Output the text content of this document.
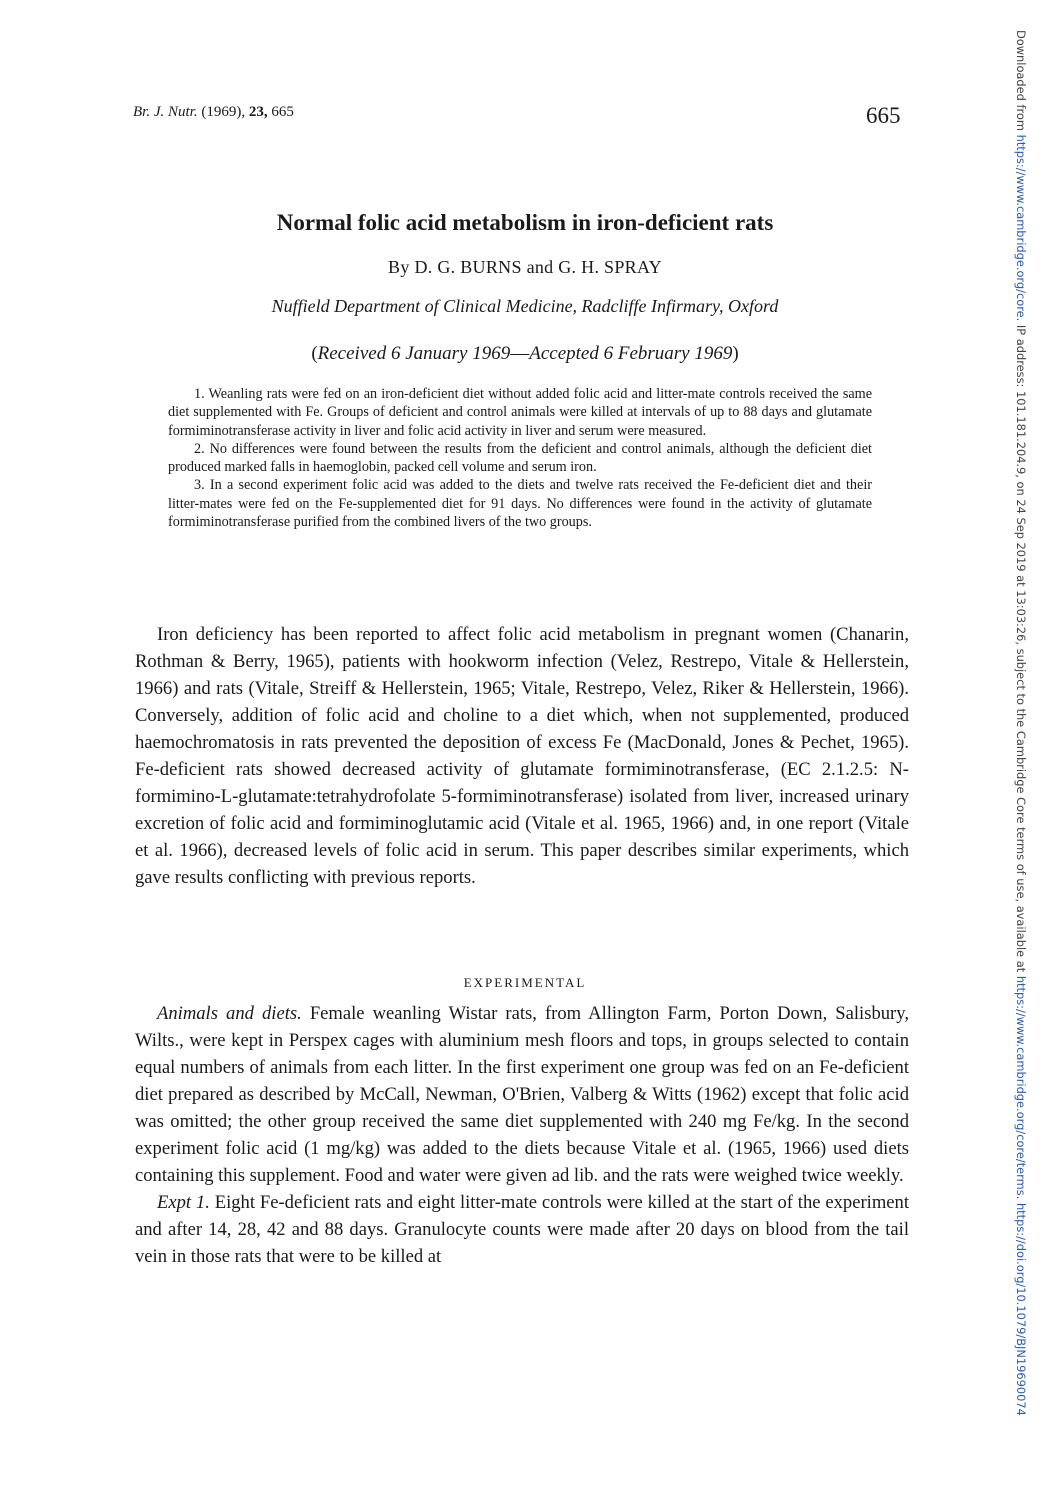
Br. J. Nutr. (1969), 23, 665	665
Normal folic acid metabolism in iron-deficient rats
By D. G. BURNS and G. H. SPRAY
Nuffield Department of Clinical Medicine, Radcliffe Infirmary, Oxford
(Received 6 January 1969—Accepted 6 February 1969)

1. Weanling rats were fed on an iron-deficient diet without added folic acid and litter-mate controls received the same diet supplemented with Fe. Groups of deficient and control animals were killed at intervals of up to 88 days and glutamate formiminotransferase activity in liver and folic acid activity in liver and serum were measured.

2. No differences were found between the results from the deficient and control animals, although the deficient diet produced marked falls in haemoglobin, packed cell volume and serum iron.

3. In a second experiment folic acid was added to the diets and twelve rats received the Fe-deficient diet and their litter-mates were fed on the Fe-supplemented diet for 91 days. No differences were found in the activity of glutamate formiminotransferase purified from the combined livers of the two groups.

Iron deficiency has been reported to affect folic acid metabolism in pregnant women (Chanarin, Rothman & Berry, 1965), patients with hookworm infection (Velez, Restrepo, Vitale & Hellerstein, 1966) and rats (Vitale, Streiff & Hellerstein, 1965; Vitale, Restrepo, Velez, Riker & Hellerstein, 1966). Conversely, addition of folic acid and choline to a diet which, when not supplemented, produced haemochromatosis in rats prevented the deposition of excess Fe (MacDonald, Jones & Pechet, 1965). Fe-deficient rats showed decreased activity of glutamate formiminotransferase, (EC 2.1.2.5: N-formimino-L-glutamate:tetrahydrofolate 5-formiminotransferase) isolated from liver, increased urinary excretion of folic acid and formiminoglutamic acid (Vitale et al. 1965, 1966) and, in one report (Vitale et al. 1966), decreased levels of folic acid in serum. This paper describes similar experiments, which gave results conflicting with previous reports.

EXPERIMENTAL

Animals and diets. Female weanling Wistar rats, from Allington Farm, Porton Down, Salisbury, Wilts., were kept in Perspex cages with aluminium mesh floors and tops, in groups selected to contain equal numbers of animals from each litter. In the first experiment one group was fed on an Fe-deficient diet prepared as described by McCall, Newman, O'Brien, Valberg & Witts (1962) except that folic acid was omitted; the other group received the same diet supplemented with 240 mg Fe/kg. In the second experiment folic acid (1 mg/kg) was added to the diets because Vitale et al. (1965, 1966) used diets containing this supplement. Food and water were given ad lib. and the rats were weighed twice weekly.

Expt 1. Eight Fe-deficient rats and eight litter-mate controls were killed at the start of the experiment and after 14, 28, 42 and 88 days. Granulocyte counts were made after 20 days on blood from the tail vein in those rats that were to be killed at

Downloaded from https://www.cambridge.org/core. IP address: 101.181.204.9, on 24 Sep 2019 at 13:03:26, subject to the Cambridge Core terms of use, available at https://www.cambridge.org/core/terms. https://doi.org/10.1079/BJN19690074
